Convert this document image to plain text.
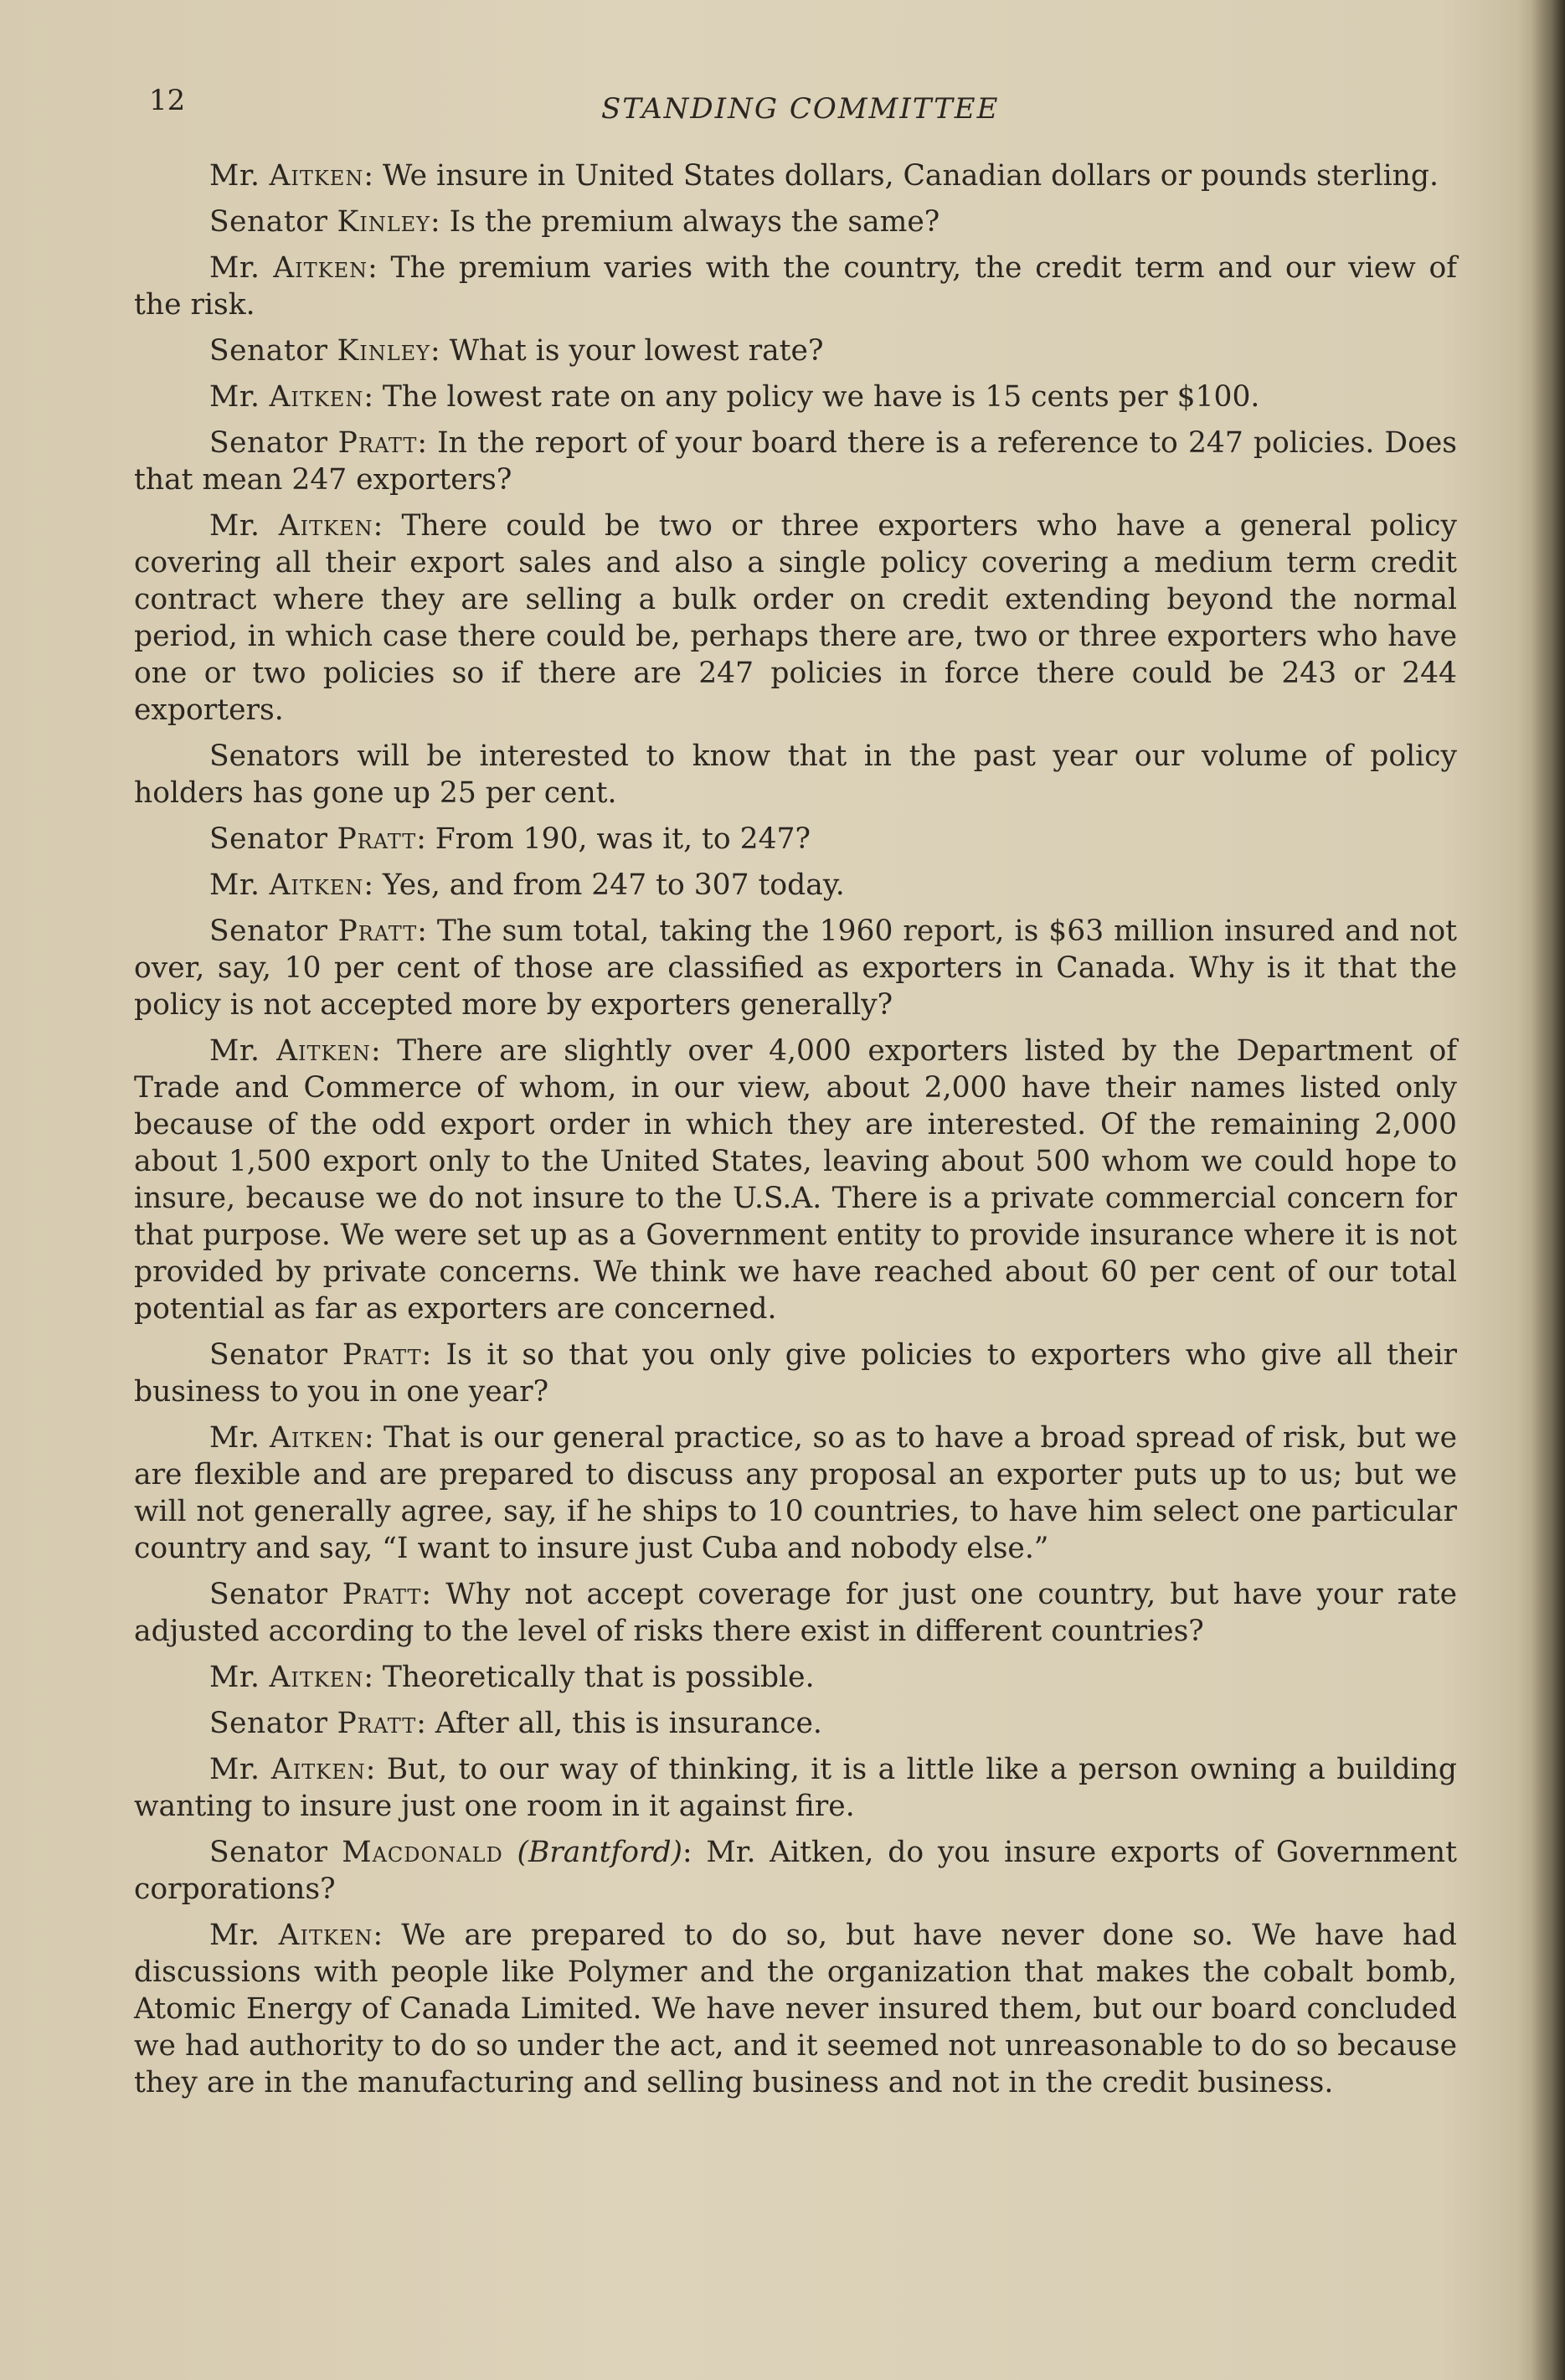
12	STANDING COMMITTEE

Mr. Aitken: We insure in United States dollars, Canadian dollars or pounds sterling.

Senator Kinley: Is the premium always the same?

Mr. Aitken: The premium varies with the country, the credit term and our view of the risk.

Senator Kinley: What is your lowest rate?

Mr. Aitken: The lowest rate on any policy we have is 15 cents per $100.

Senator Pratt: In the report of your board there is a reference to 247 policies. Does that mean 247 exporters?

Mr. Aitken: There could be two or three exporters who have a general policy covering all their export sales and also a single policy covering a medium term credit contract where they are selling a bulk order on credit extending beyond the normal period, in which case there could be, perhaps there are, two or three exporters who have one or two policies so if there are 247 policies in force there could be 243 or 244 exporters.

Senators will be interested to know that in the past year our volume of policy holders has gone up 25 per cent.

Senator Pratt: From 190, was it, to 247?

Mr. Aitken: Yes, and from 247 to 307 today.

Senator Pratt: The sum total, taking the 1960 report, is $63 million insured and not over, say, 10 per cent of those are classified as exporters in Canada. Why is it that the policy is not accepted more by exporters generally?

Mr. Aitken: There are slightly over 4,000 exporters listed by the Department of Trade and Commerce of whom, in our view, about 2,000 have their names listed only because of the odd export order in which they are interested. Of the remaining 2,000 about 1,500 export only to the United States, leaving about 500 whom we could hope to insure, because we do not insure to the U.S.A. There is a private commercial concern for that purpose. We were set up as a Government entity to provide insurance where it is not provided by private concerns. We think we have reached about 60 per cent of our total potential as far as exporters are concerned.

Senator Pratt: Is it so that you only give policies to exporters who give all their business to you in one year?

Mr. Aitken: That is our general practice, so as to have a broad spread of risk, but we are flexible and are prepared to discuss any proposal an exporter puts up to us; but we will not generally agree, say, if he ships to 10 countries, to have him select one particular country and say, “I want to insure just Cuba and nobody else.”

Senator Pratt: Why not accept coverage for just one country, but have your rate adjusted according to the level of risks there exist in different countries?

Mr. Aitken: Theoretically that is possible.

Senator Pratt: After all, this is insurance.

Mr. Aitken: But, to our way of thinking, it is a little like a person owning a building wanting to insure just one room in it against fire.

Senator Macdonald (Brantford): Mr. Aitken, do you insure exports of Government corporations?

Mr. Aitken: We are prepared to do so, but have never done so. We have had discussions with people like Polymer and the organization that makes the cobalt bomb, Atomic Energy of Canada Limited. We have never insured them, but our board concluded we had authority to do so under the act, and it seemed not unreasonable to do so because they are in the manufacturing and selling business and not in the credit business.
